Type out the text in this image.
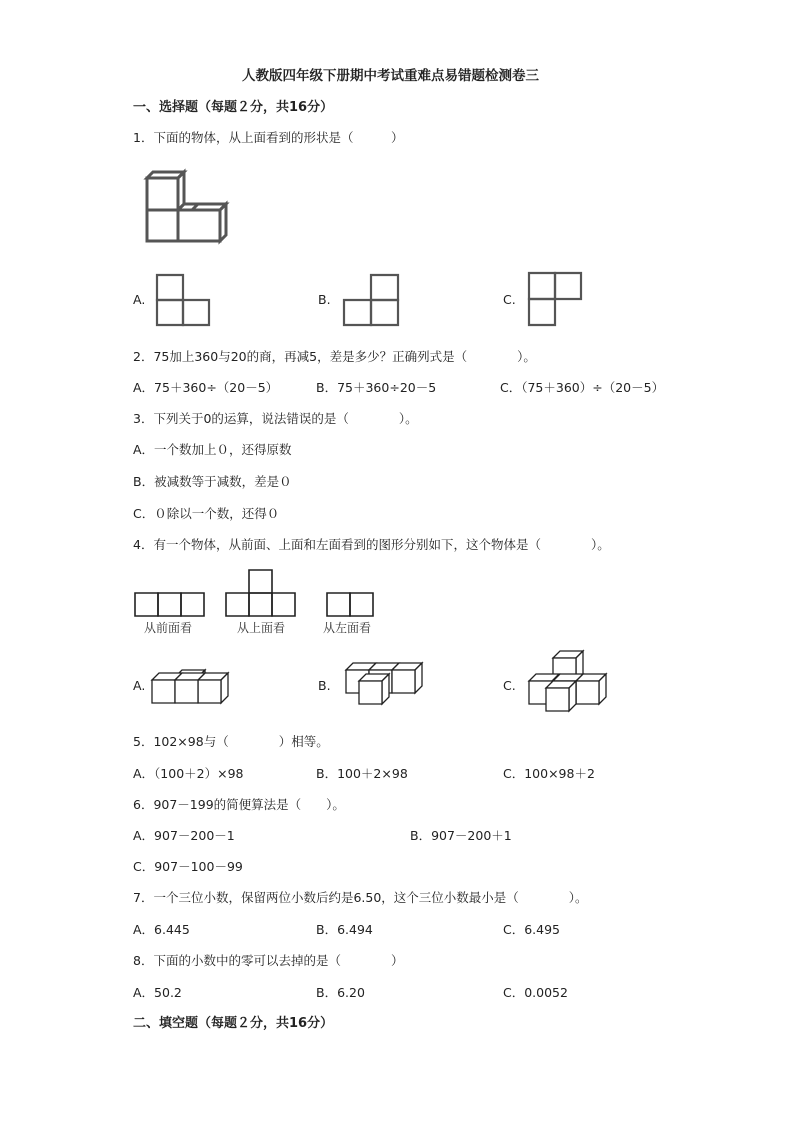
人教版四年级下册期中考试重难点易错题检测卷三
一、选择题（每题２分，共16分）
1．下面的物体，从上面看到的形状是（　　　）
A.	B.	C.
2．75加上360与20的商，再减5，差是多少？正确列式是（　　　　）。
A．75＋360÷（20－5）	B．75＋360÷20－5	C．（75＋360）÷（20－5）
3．下列关于0的运算，说法错误的是（　　　　）。
A．一个数加上０，还得原数
B．被减数等于减数，差是０
C．０除以一个数，还得０
4．有一个物体，从前面、上面和左面看到的图形分别如下，这个物体是（　　　　）。
从前面看	从上面看	从左面看
A.	B.	C.
5．102×98与（　　　　）相等。
A．（100＋2）×98	B．100＋2×98	C．100×98＋2
6．907－199的简便算法是（　　）。
A．907－200－1	B．907－200＋1
C．907－100－99
7．一个三位小数，保留两位小数后约是6.50，这个三位小数最小是（　　　　）。
A．6.445	B．6.494	C．6.495
8．下面的小数中的零可以去掉的是（　　　　）
A．50.2	B．6.20	C．0.0052
二、填空题（每题２分，共16分）
